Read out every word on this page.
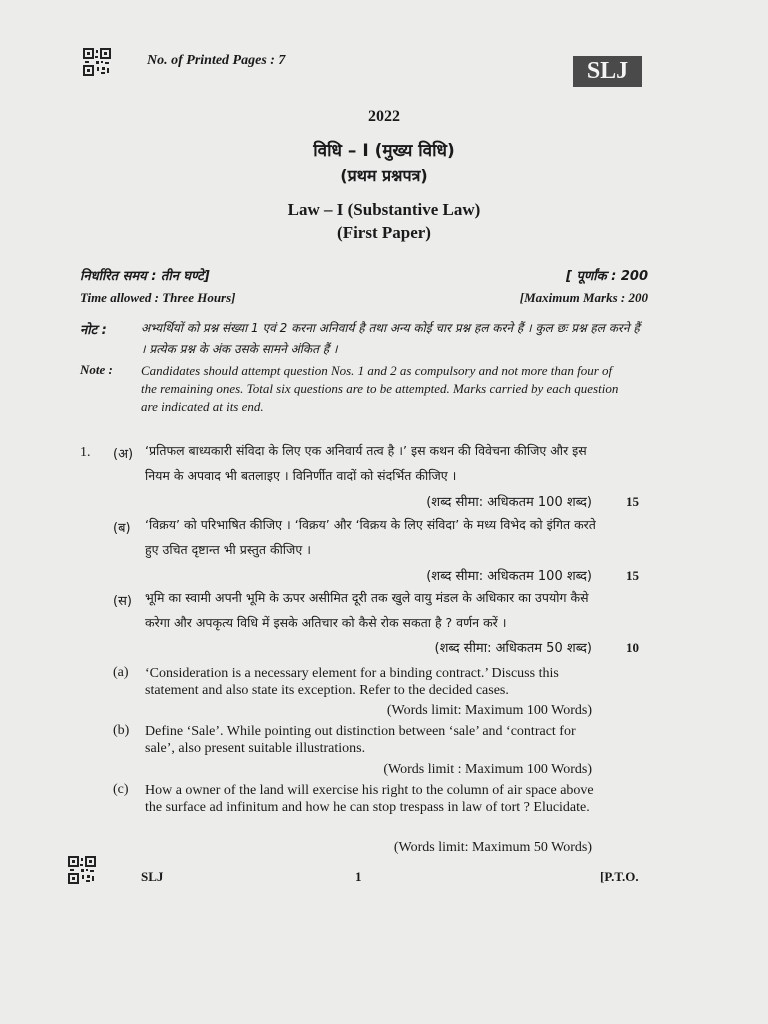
No. of Printed Pages : 7	SLJ
2022
विधि – I (मुख्य विधि)
(प्रथम प्रश्नपत्र)
Law – I (Substantive Law)
(First Paper)
निर्धारित समय : तीन घण्टे]	[ पूर्णांक : 200
Time allowed : Three Hours]	[Maximum Marks : 200
नोट :	अभ्यर्थियों को प्रश्न संख्या 1 एवं 2 करना अनिवार्य है तथा अन्य कोई चार प्रश्न हल करने हैं । कुल छः प्रश्न हल करने हैं । प्रत्येक प्रश्न के अंक उसके सामने अंकित हैं ।
Note : Candidates should attempt question Nos. 1 and 2 as compulsory and not more than four of the remaining ones. Total six questions are to be attempted. Marks carried by each question are indicated at its end.
1. (अ) ‘प्रतिफल बाध्यकारी संविदा के लिए एक अनिवार्य तत्व है ।’ इस कथन की विवेचना कीजिए और इस नियम के अपवाद भी बतलाइए । विनिर्णीत वादों को संदर्भित कीजिए ।
(शब्द सीमा: अधिकतम 100 शब्द)	15
(ब) ‘विक्रय’ को परिभाषित कीजिए । ‘विक्रय’ और ‘विक्रय के लिए संविदा’ के मध्य विभेद को इंगित करते हुए उचित दृष्टान्त भी प्रस्तुत कीजिए ।
(शब्द सीमा: अधिकतम 100 शब्द)	15
(स) भूमि का स्वामी अपनी भूमि के ऊपर असीमित दूरी तक खुले वायु मंडल के अधिकार का उपयोग कैसे करेगा और अपकृत्य विधि में इसके अतिचार को कैसे रोक सकता है ? वर्णन करें ।
(शब्द सीमा: अधिकतम 50 शब्द)	10
(a) ‘Consideration is a necessary element for a binding contract.’ Discuss this statement and also state its exception. Refer to the decided cases.
(Words limit: Maximum 100 Words)
(b) Define ‘Sale’. While pointing out distinction between ‘sale’ and ‘contract for sale’, also present suitable illustrations.
(Words limit : Maximum 100 Words)
(c) How a owner of the land will exercise his right to the column of air space above the surface ad infinitum and how he can stop trespass in law of tort ? Elucidate.
(Words limit: Maximum 50 Words)
SLJ	1	[P.T.O.
